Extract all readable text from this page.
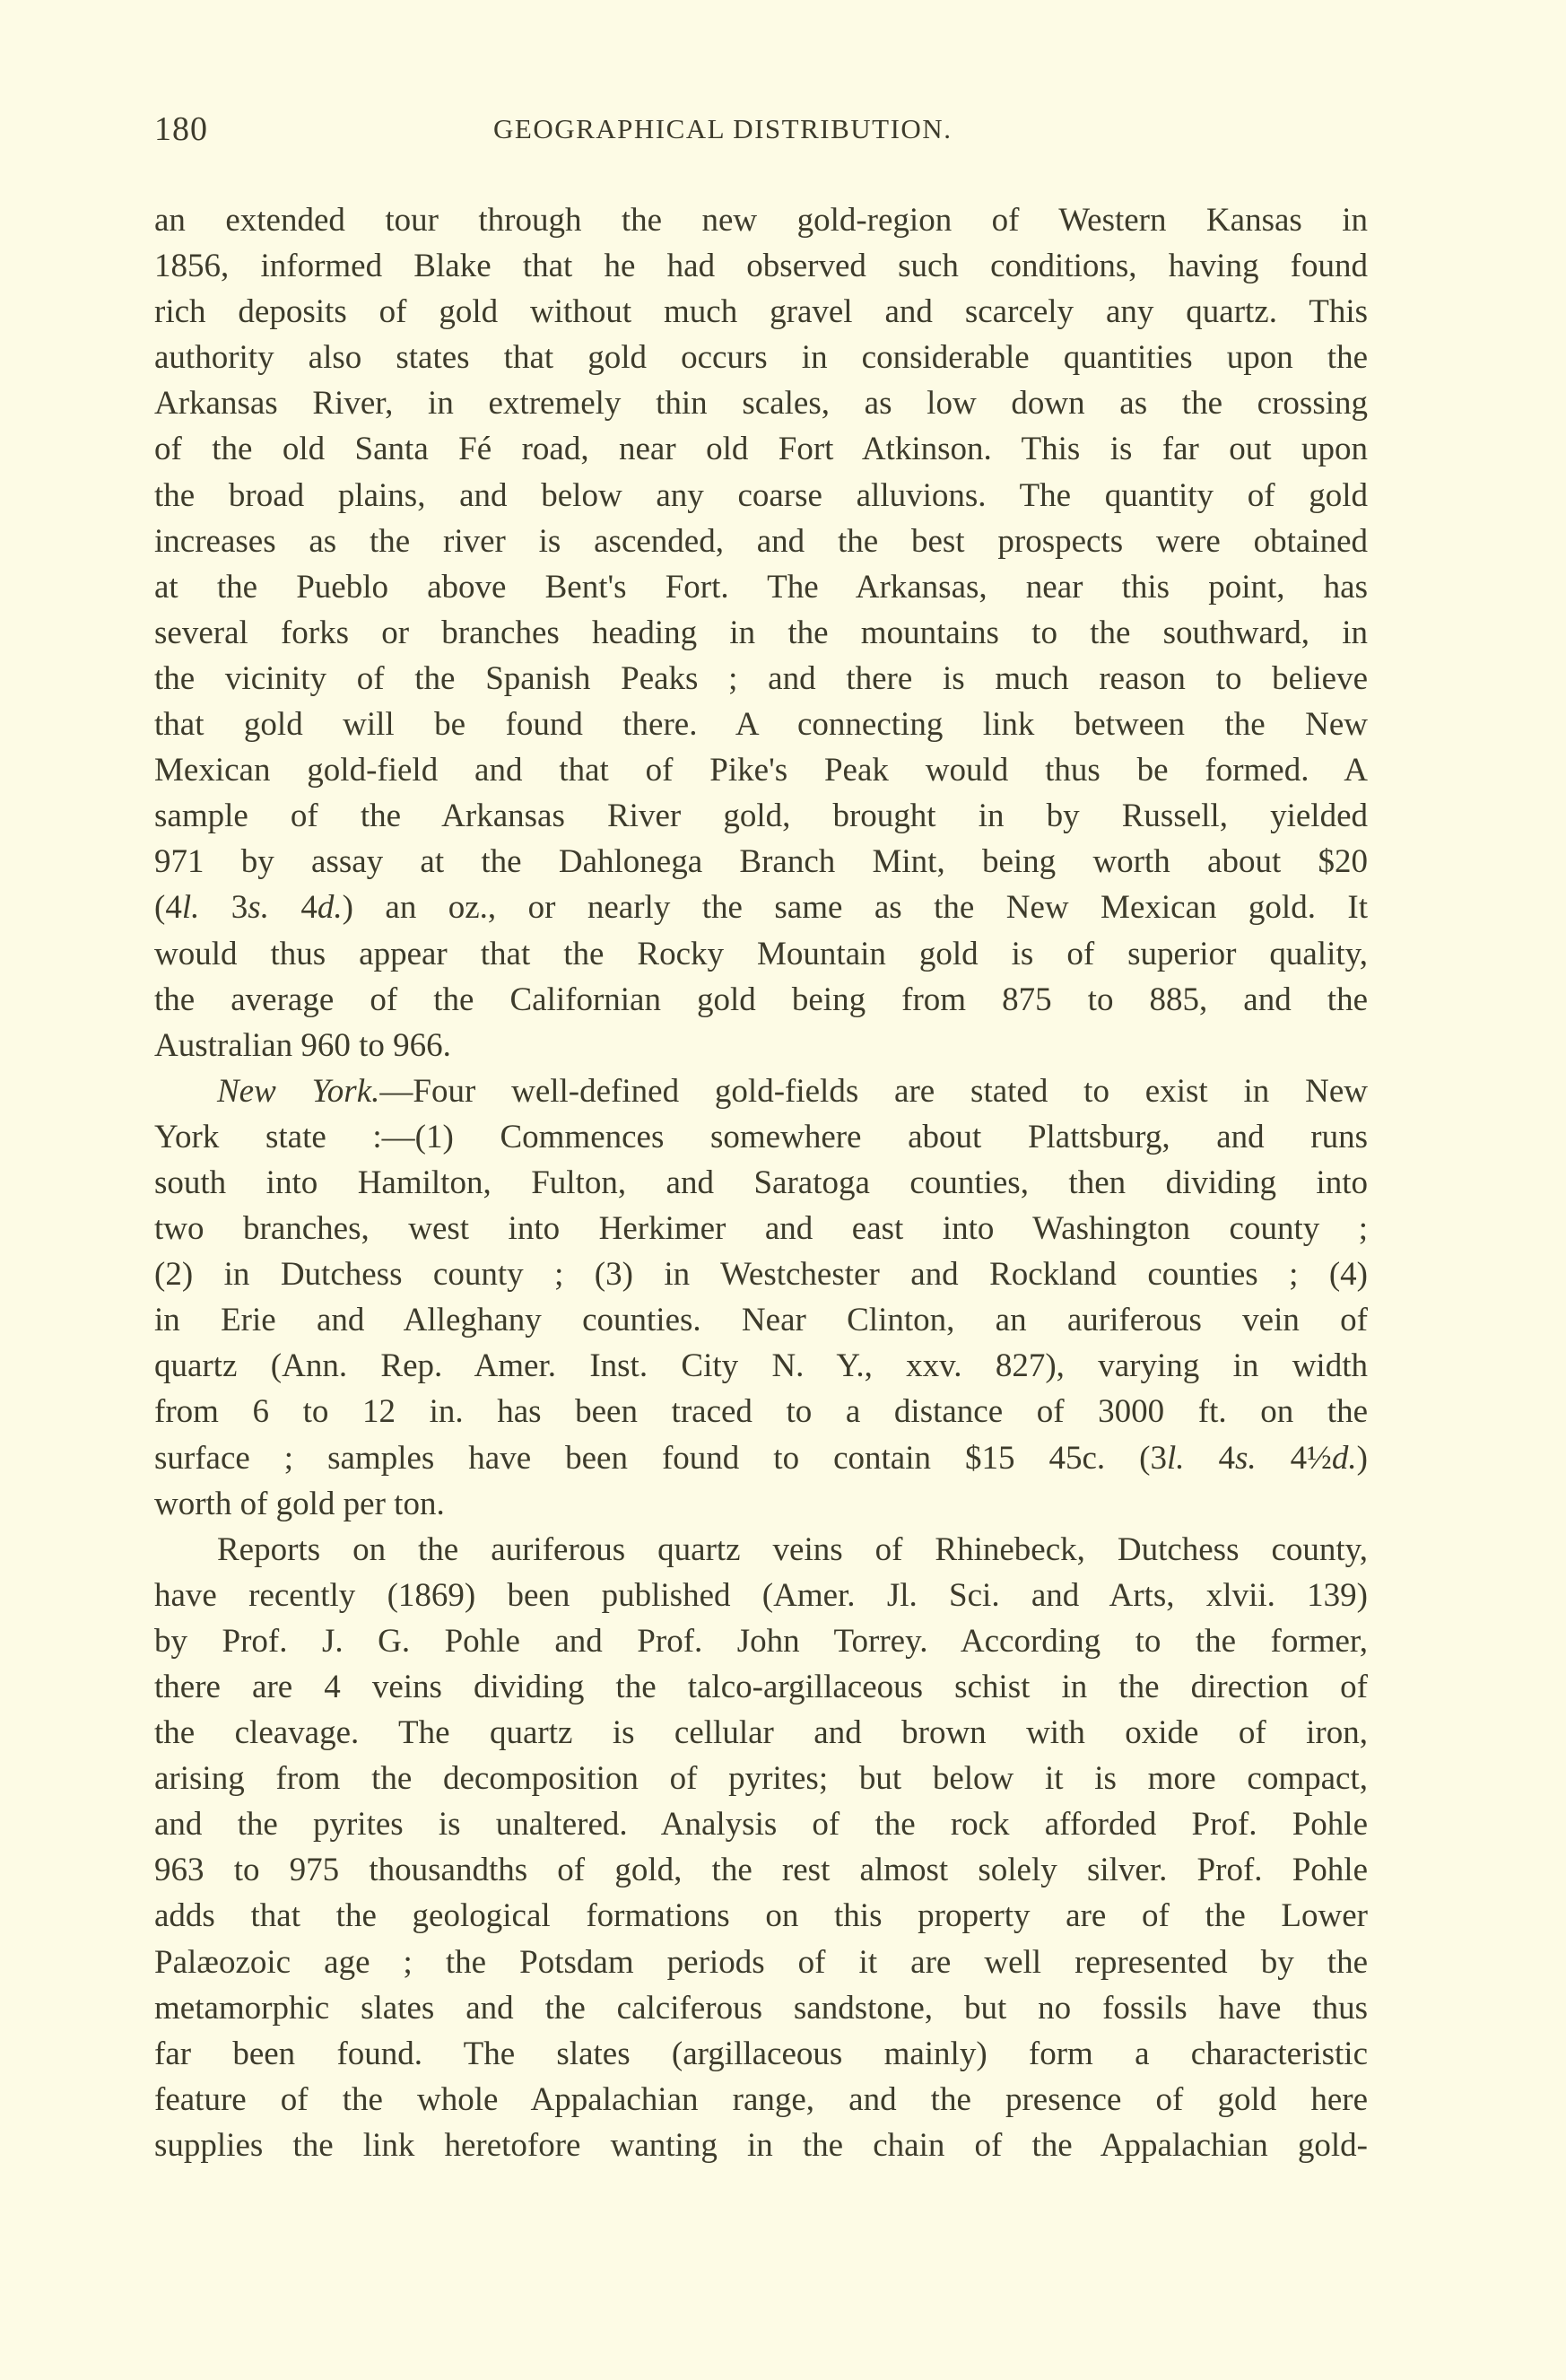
180	GEOGRAPHICAL DISTRIBUTION.
an extended tour through the new gold-region of Western Kansas in
1856, informed Blake that he had observed such conditions, having found
rich deposits of gold without much gravel and scarcely any quartz. This
authority also states that gold occurs in considerable quantities upon the
Arkansas River, in extremely thin scales, as low down as the crossing
of the old Santa Fé road, near old Fort Atkinson. This is far out upon
the broad plains, and below any coarse alluvions. The quantity of gold
increases as the river is ascended, and the best prospects were obtained
at the Pueblo above Bent's Fort. The Arkansas, near this point, has
several forks or branches heading in the mountains to the southward, in
the vicinity of the Spanish Peaks ; and there is much reason to believe
that gold will be found there. A connecting link between the New
Mexican gold-field and that of Pike's Peak would thus be formed. A
sample of the Arkansas River gold, brought in by Russell, yielded
971 by assay at the Dahlonega Branch Mint, being worth about $20
(4l. 3s. 4d.) an oz., or nearly the same as the New Mexican gold. It
would thus appear that the Rocky Mountain gold is of superior quality,
the average of the Californian gold being from 875 to 885, and the
Australian 960 to 966.
New York.—Four well-defined gold-fields are stated to exist in New
York state :—(1) Commences somewhere about Plattsburg, and runs
south into Hamilton, Fulton, and Saratoga counties, then dividing into
two branches, west into Herkimer and east into Washington county ;
(2) in Dutchess county ; (3) in Westchester and Rockland counties ; (4)
in Erie and Alleghany counties. Near Clinton, an auriferous vein of
quartz (Ann. Rep. Amer. Inst. City N. Y., xxv. 827), varying in width
from 6 to 12 in. has been traced to a distance of 3000 ft. on the
surface ; samples have been found to contain $15 45c. (3l. 4s. 4½d.)
worth of gold per ton.
Reports on the auriferous quartz veins of Rhinebeck, Dutchess county,
have recently (1869) been published (Amer. Jl. Sci. and Arts, xlvii. 139)
by Prof. J. G. Pohle and Prof. John Torrey. According to the former,
there are 4 veins dividing the talco-argillaceous schist in the direction of
the cleavage. The quartz is cellular and brown with oxide of iron,
arising from the decomposition of pyrites; but below it is more compact,
and the pyrites is unaltered. Analysis of the rock afforded Prof. Pohle
963 to 975 thousandths of gold, the rest almost solely silver. Prof. Pohle
adds that the geological formations on this property are of the Lower
Palæozoic age ; the Potsdam periods of it are well represented by the
metamorphic slates and the calciferous sandstone, but no fossils have thus
far been found. The slates (argillaceous mainly) form a characteristic
feature of the whole Appalachian range, and the presence of gold here
supplies the link heretofore wanting in the chain of the Appalachian gold-
